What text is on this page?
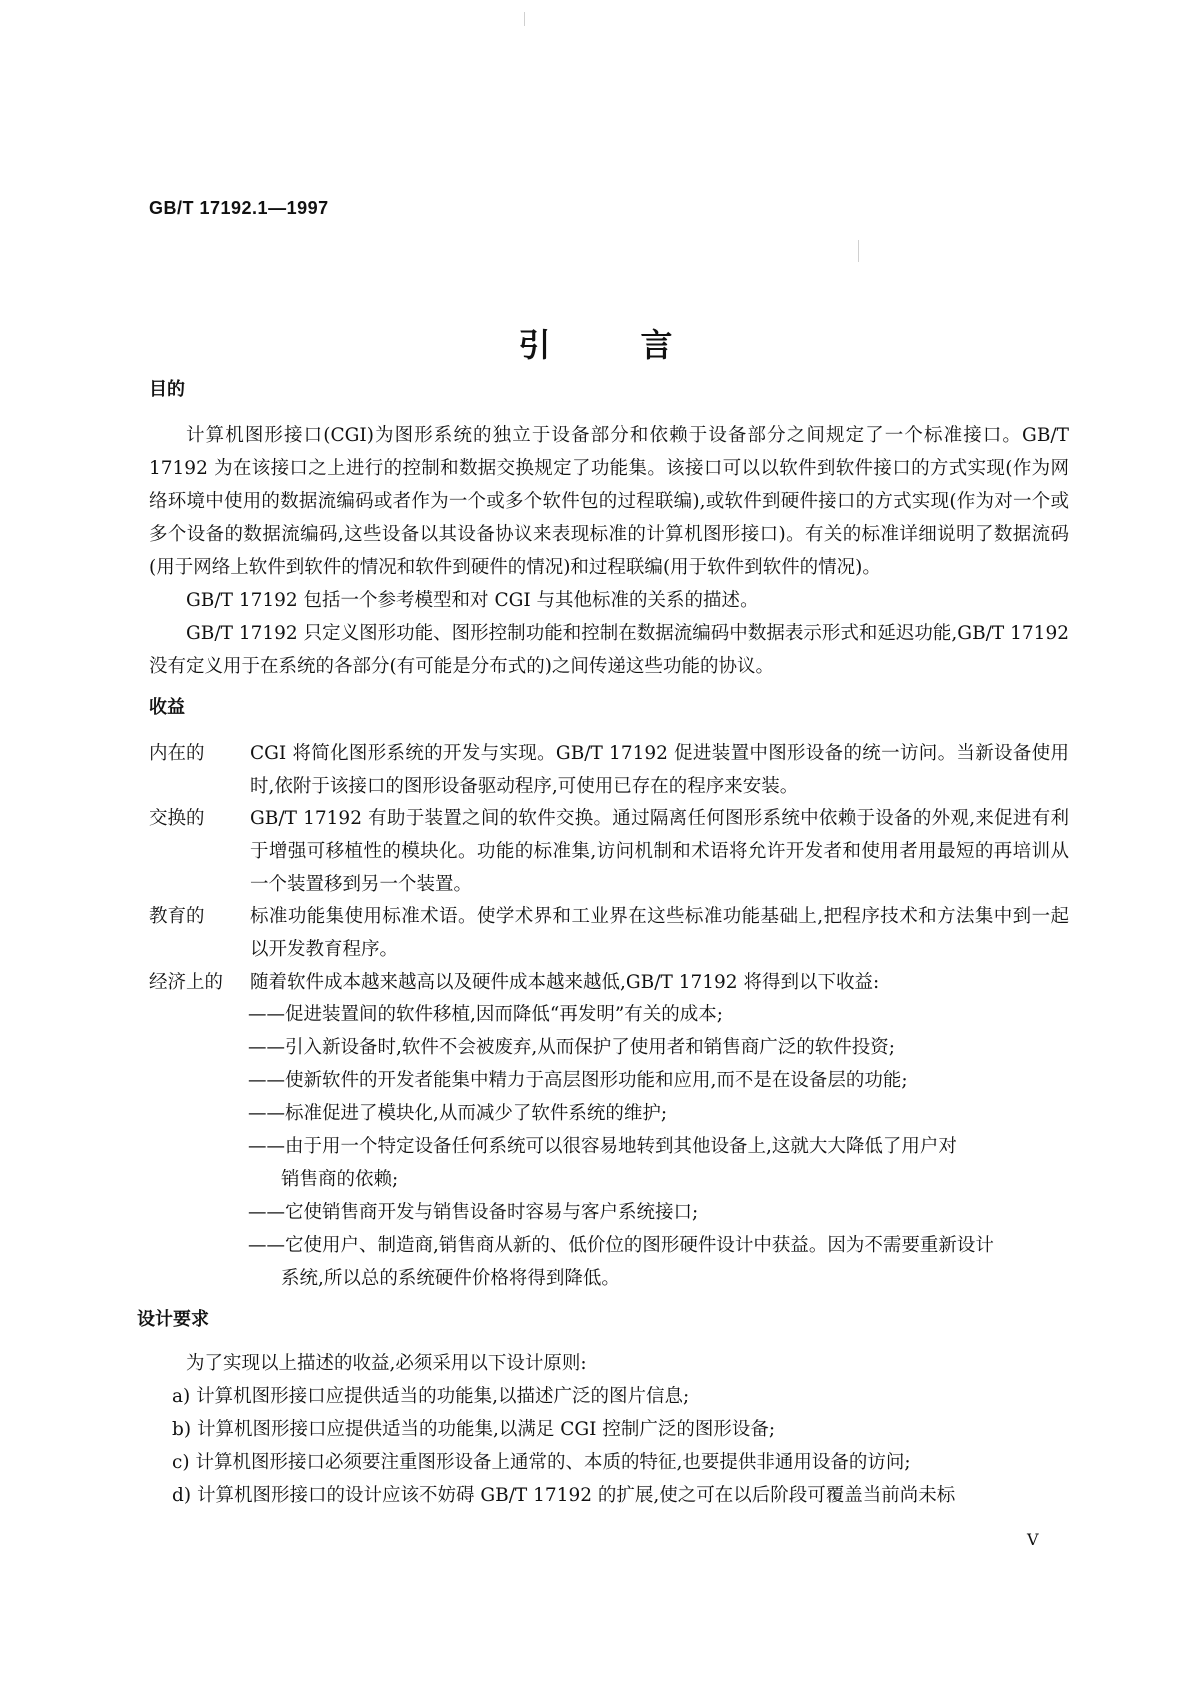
GB/T 17192.1—1997
引言
目的
计算机图形接口(CGI)为图形系统的独立于设备部分和依赖于设备部分之间规定了一个标准接口。GB/T 17192 为在该接口之上进行的控制和数据交换规定了功能集。该接口可以以软件到软件接口的方式实现(作为网络环境中使用的数据流编码或者作为一个或多个软件包的过程联编),或软件到硬件接口的方式实现(作为对一个或多个设备的数据流编码,这些设备以其设备协议来表现标准的计算机图形接口)。有关的标准详细说明了数据流码(用于网络上软件到软件的情况和软件到硬件的情况)和过程联编(用于软件到软件的情况)。
GB/T 17192 包括一个参考模型和对 CGI 与其他标准的关系的描述。
GB/T 17192 只定义图形功能、图形控制功能和控制在数据流编码中数据表示形式和延迟功能,GB/T 17192 没有定义用于在系统的各部分(有可能是分布式的)之间传递这些功能的协议。
收益
内在的 CGI 将简化图形系统的开发与实现。GB/T 17192 促进装置中图形设备的统一访问。当新设备使用时,依附于该接口的图形设备驱动程序,可使用已存在的程序来安装。
交换的 GB/T 17192 有助于装置之间的软件交换。通过隔离任何图形系统中依赖于设备的外观,来促进有利于增强可移植性的模块化。功能的标准集,访问机制和术语将允许开发者和使用者用最短的再培训从一个装置移到另一个装置。
教育的 标准功能集使用标准术语。使学术界和工业界在这些标准功能基础上,把程序技术和方法集中到一起以开发教育程序。
经济上的 随着软件成本越来越高以及硬件成本越来越低,GB/T 17192 将得到以下收益:
——促进装置间的软件移植,因而降低“再发明”有关的成本;
——引入新设备时,软件不会被废弃,从而保护了使用者和销售商广泛的软件投资;
——使新软件的开发者能集中精力于高层图形功能和应用,而不是在设备层的功能;
——标准促进了模块化,从而减少了软件系统的维护;
——由于用一个特定设备任何系统可以很容易地转到其他设备上,这就大大降低了用户对
销售商的依赖;
——它使销售商开发与销售设备时容易与客户系统接口;
——它使用户、制造商,销售商从新的、低价位的图形硬件设计中获益。因为不需要重新设计
系统,所以总的系统硬件价格将得到降低。
设计要求
为了实现以上描述的收益,必须采用以下设计原则:
a) 计算机图形接口应提供适当的功能集,以描述广泛的图片信息;
b) 计算机图形接口应提供适当的功能集,以满足 CGI 控制广泛的图形设备;
c) 计算机图形接口必须要注重图形设备上通常的、本质的特征,也要提供非通用设备的访问;
d) 计算机图形接口的设计应该不妨碍 GB/T 17192 的扩展,使之可在以后阶段可覆盖当前尚未标
V
